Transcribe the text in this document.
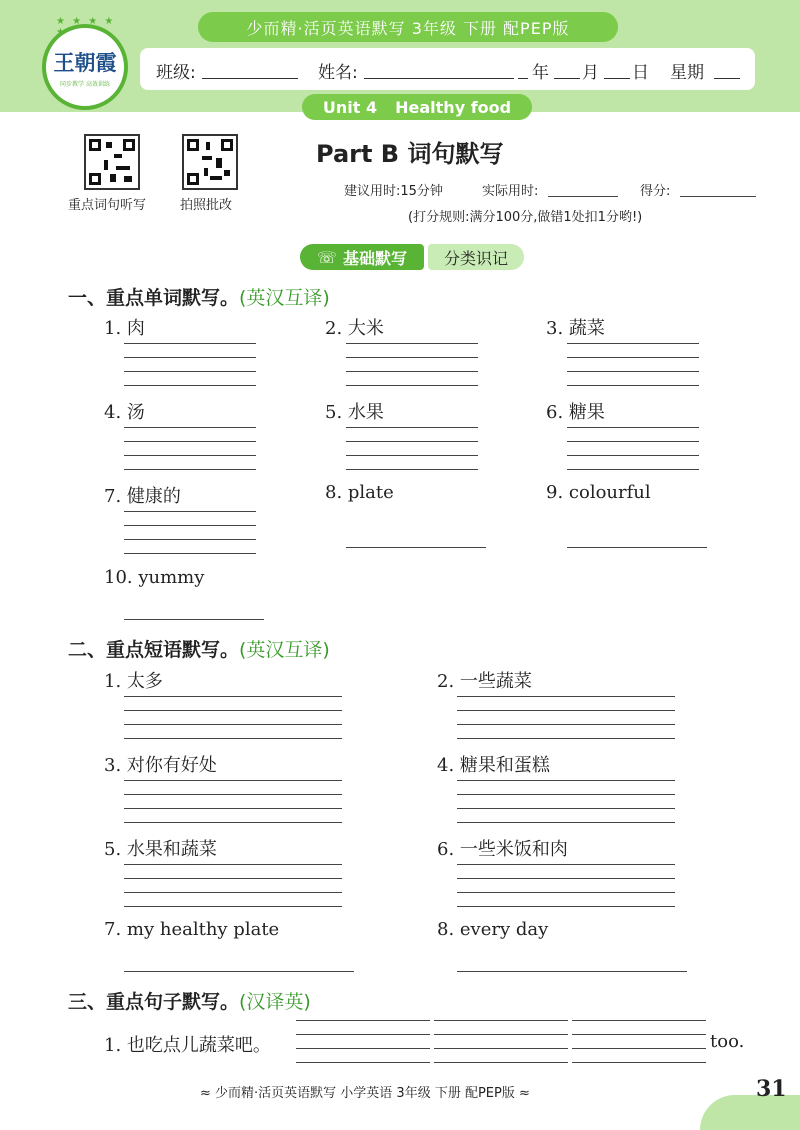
少而精·活页英语默写 3年级 下册 配PEP版
★ ★ ★ ★ ★
王朝霞
同步教学 高效训练
班级:	姓名:	年 月 日 星期
Unit 4 Healthy food
重点词句听写	拍照批改
Part B 词句默写
建议用时:15分钟	实际用时:	得分:
(打分规则:满分100分,做错1处扣1分哟!)
☏ 基础默写	分类识记
一、重点单词默写。(英汉互译)
1. 肉	2. 大米	3. 蔬菜
4. 汤	5. 水果	6. 糖果
7. 健康的	8. plate	9. colourful
10. yummy
二、重点短语默写。(英汉互译)
1. 太多	2. 一些蔬菜
3. 对你有好处	4. 糖果和蛋糕
5. 水果和蔬菜	6. 一些米饭和肉
7. my healthy plate	8. every day
三、重点句子默写。(汉译英)
1. 也吃点儿蔬菜吧。	too.
≈ 少而精·活页英语默写 小学英语 3年级 下册 配PEP版 ≈	31
